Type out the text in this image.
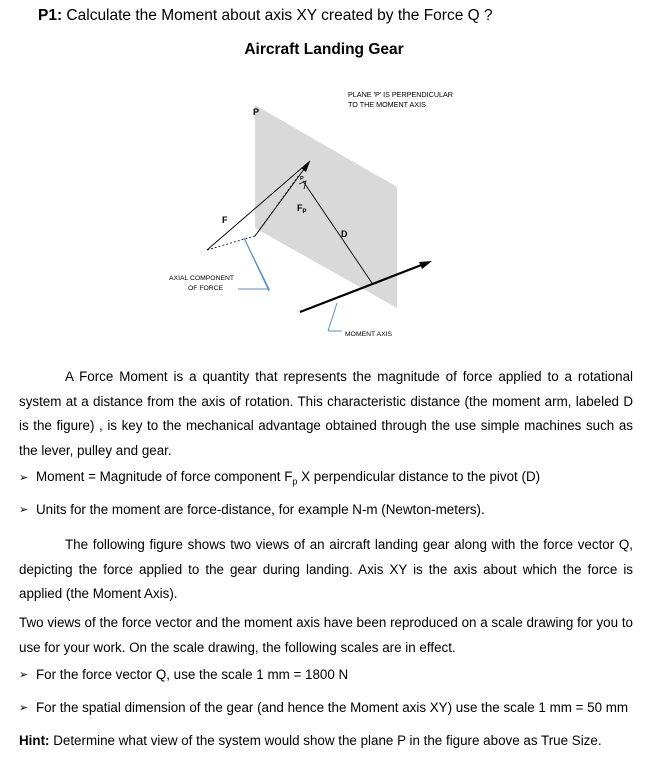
P1: Calculate the Moment about axis XY created by the Force Q ?
Aircraft Landing Gear
PLANE 'P' IS PERPENDICULAR
TO THE MOMENT AXIS
P
F
$F_P$
P
D
AXIAL COMPONENT
OF FORCE
MOMENT AXIS
A Force Moment is a quantity that represents the magnitude of force applied to a rotational system at a distance from the axis of rotation. This characteristic distance (the moment arm, labeled D is the figure) , is key to the mechanical advantage obtained through the use simple machines such as the lever, pulley and gear.
➢ Moment = Magnitude of force component $F_p$ X perpendicular distance to the pivot (D)
➢ Units for the moment are force-distance, for example N-m (Newton-meters).
The following figure shows two views of an aircraft landing gear along with the force vector Q, depicting the force applied to the gear during landing. Axis XY is the axis about which the force is applied (the Moment Axis).
Two views of the force vector and the moment axis have been reproduced on a scale drawing for you to use for your work. On the scale drawing, the following scales are in effect.
➢ For the force vector Q, use the scale 1 mm = 1800 N
➢ For the spatial dimension of the gear (and hence the Moment axis XY) use the scale 1 mm = 50 mm
Hint: Determine what view of the system would show the plane P in the figure above as True Size.
